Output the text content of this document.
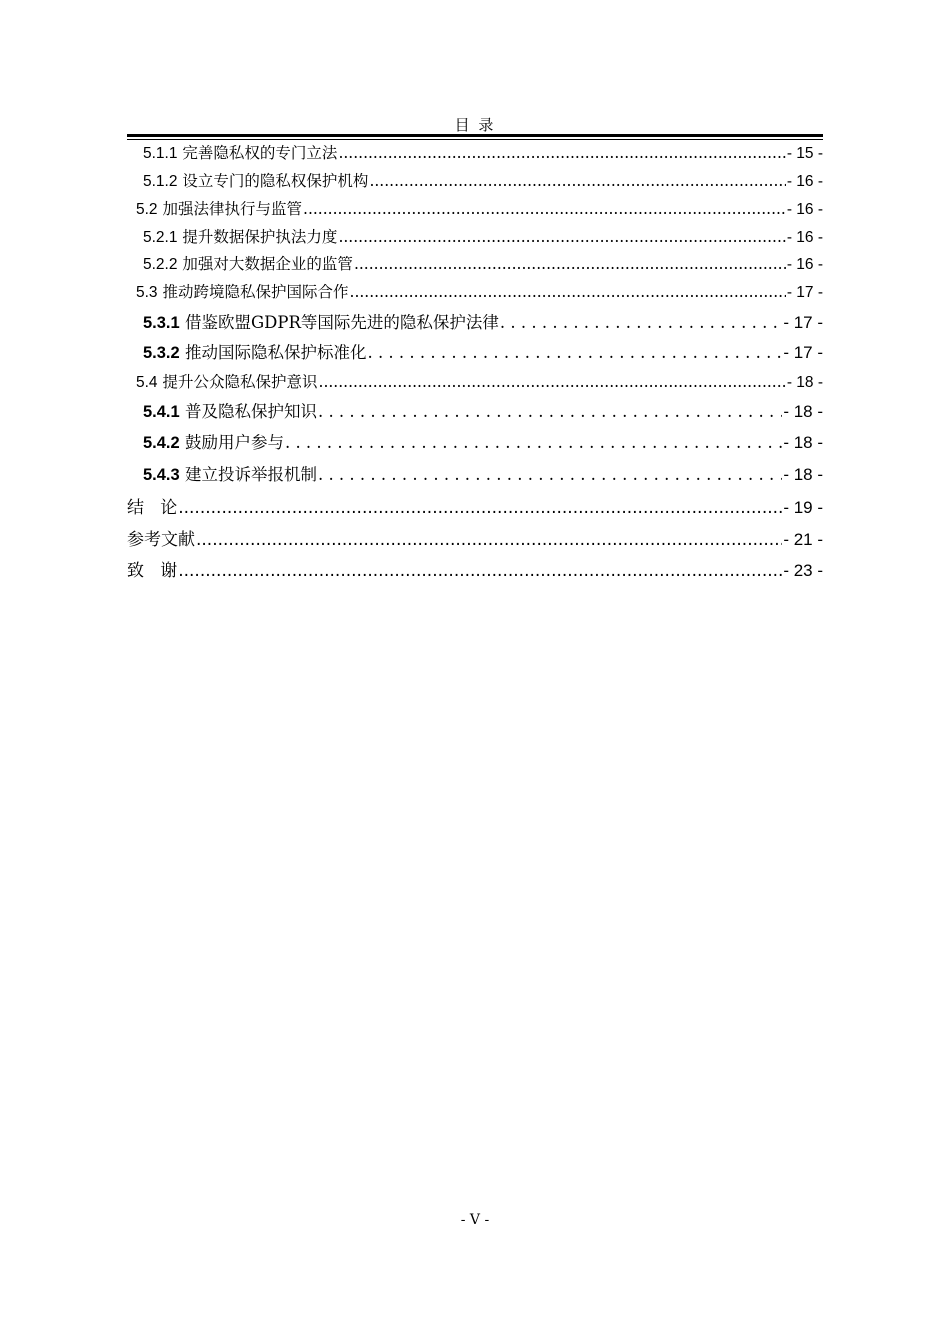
目 录
5.1.1 完善隐私权的专门立法 .....	- 15 -
5.1.2 设立专门的隐私权保护机构 .....	- 16 -
5.2 加强法律执行与监管 .....	- 16 -
5.2.1 提升数据保护执法力度 .....	- 16 -
5.2.2 加强对大数据企业的监管 .....	- 16 -
5.3 推动跨境隐私保护国际合作 .....	- 17 -
5.3.1 借鉴欧盟GDPR等国际先进的隐私保护法律 . . .	- 17 -
5.3.2 推动国际隐私保护标准化 . . .	- 17 -
5.4 提升公众隐私保护意识 .....	- 18 -
5.4.1 普及隐私保护知识 . . .	- 18 -
5.4.2 鼓励用户参与 . . .	- 18 -
5.4.3 建立投诉举报机制 . . .	- 18 -
结   论 .....	- 19 -
参考文献 .....	- 21 -
致   谢 .....	- 23 -
- V -
